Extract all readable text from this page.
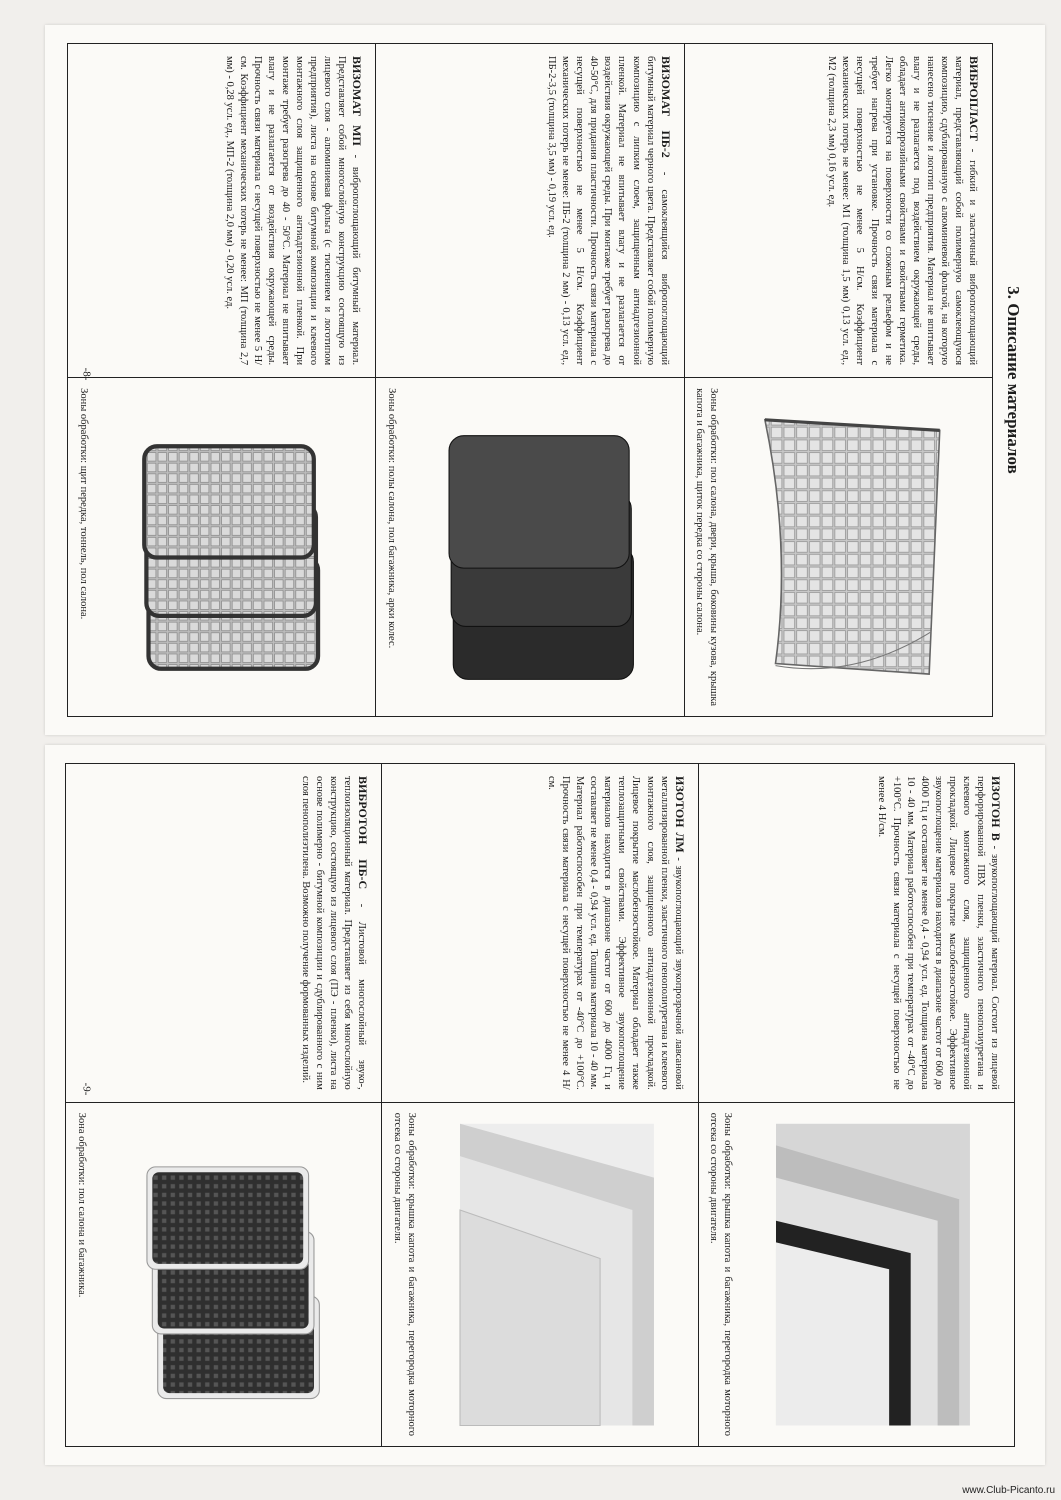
3. Описание материалов
ВИБРОПЛАСТ - гибкий и эластичный вибропоглощающий материал, представляющий собой полимерную самоклеющуюся композицию, сдублированную с алюминиевой фольгой, на которую нанесено тиснение и логотип предприятия. Материал не впитывает влагу и не разлагается под воздействием окружающей среды, обладает антикоррозийными свойствами и свойствами герметика. Легко монтируется на поверхности со сложным рельефом и не требует нагрева при установке. Прочность связи материала с несущей поверхностью не менее 5 Н/см. Коэффициент механических потерь не менее: М1 (толщина 1,5 мм) 0,13 усл. ед., М2 (толщина 2,3 мм) 0,16 усл. ед.
Зоны обработки: пол салона, двери, крыша, боковины кузова, крышка капота и багажника, щиток передка со стороны салона.
ВИЗОМАТ ПБ-2 - самоклеящийся вибропоглощающий битумный материал черного цвета. Представляет собой полимерную композицию с липким слоем, защищенным антиадгезионной пленкой. Материал не впитывает влагу и не разлагается от воздействия окружающей среды. При монтаже требует разогрева до 40-50°С, для придания пластичности. Прочность связи материала с несущей поверхностью не менее 5 Н/см. Коэффициент механических потерь не менее: ПБ-2 (толщина 2 мм) - 0,13 усл. ед., ПБ-2-3,5 (толщина 3,5 мм) - 0,19 усл. ед.
Зоны обработки: полы салона, пол багажника, арки колес.
ВИЗОМАТ МП - вибропоглощающий битумный материал. Представляет собой многослойную конструкцию состоящую из лицевого слоя - алюминиевая фольга (с тиснением и логотипом предприятия), листа на основе битумной композиции и клеевого монтажного слоя защищенного антиадгезионной пленкой. При монтаже требует разогрева до 40 - 50°С. Материал не впитывает влагу и не разлагается от воздействия окружающей среды. Прочность связи материала с несущей поверхностью не менее 5 Н/см. Коэффициент механических потерь не менее: МП (толщина 2,7 мм) - 0,28 усл. ед., МП-2 (толщина 2,0 мм) - 0,20 усл. ед.
Зоны обработки: щит передка, тоннель, пол салона.
-8-
ИЗОТОН В - звукопоглощающий материал. Состоит из лицевой перфорированной ПВХ пленки, эластичного пенополиуретана и клеевого монтажного слоя, защищенного антиадгезионной прокладкой. Лицевое покрытие маслобензостойкое. Эффективное звукопоглощение материалов находится в диапазоне частот от 600 до 4000 Гц и составляет не менее 0,4 - 0,94 усл. ед. Толщина материала 10 - 40 мм. Материал работоспособен при температурах от -40°С до +100°С. Прочность связи материала с несущей поверхностью не менее 4 Н/см.
Зоны обработки: крышка капота и багажника, перегородка моторного отсека со стороны двигателя.
ИЗОТОН ЛМ - звукопоглощающий звукопрозрачной лавсановой металлизированной пленки, эластичного пенополиуретана и клеевого монтажного слоя, защищенного антиадгезионной прокладкой. Лицевое покрытие маслобензостойкое. Материал обладает также теплозащитными свойствами. Эффективное звукопоглощение материалов находится в диапазоне частот от 600 до 4000 Гц и составляет не менее 0,4 - 0,94 усл. ед. Толщина материала 10 - 40 мм. Материал работоспособен при температурах от -40°С до +100°С. Прочность связи материала с несущей поверхностью не менее 4 Н/см.
Зоны обработки: крышка капота и багажника, перегородка моторного отсека со стороны двигателя.
ВИБРОТОН ПБ-С - Листовой многослойный звуко-, теплоизоляционный материал. Представляет из себя многослойную конструкцию, состоящую из лицевого слоя (ПЭ - пленки), листа на основе полимерно - битумной композиции и сдублированного с ним слоя пенополиэтилена. Возможно получение формованных изделий.
Зона обработки: пол салона и багажника.
-9-
www.Club-Picanto.ru
